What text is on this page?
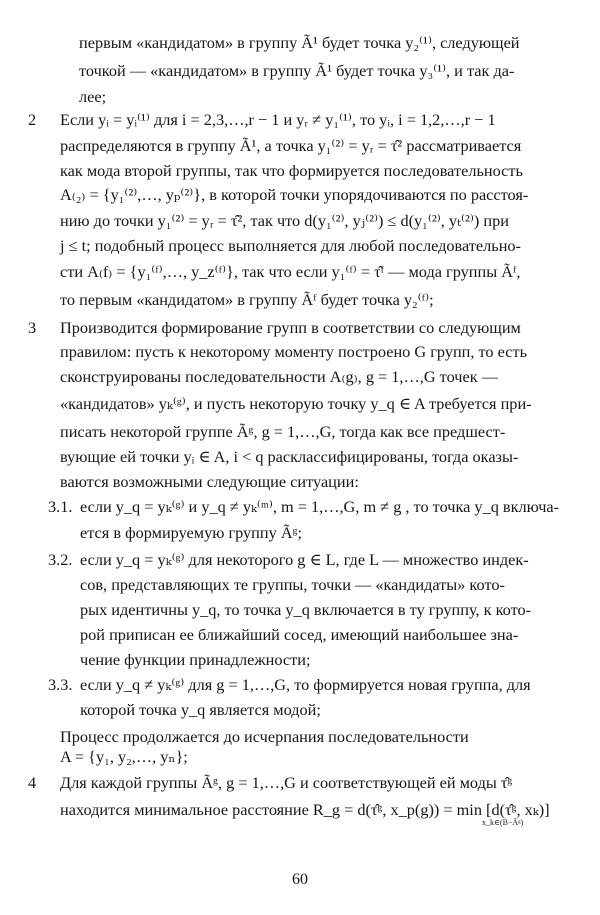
первым «кандидатом» в группу Ã¹ будет точка y₂⁽¹⁾, следующей
точкой — «кандидатом» в группу Ã¹ будет точка y₃⁽¹⁾, и так да-
лее;
2 Если yᵢ = yᵢ⁽¹⁾ для i = 2,3,…,r − 1 и yᵣ ≠ y₁⁽¹⁾, то yᵢ, i = 1,2,…,r − 1
распределяются в группу Ã¹, а точка y₁⁽²⁾ = yᵣ = τ̂² рассматривается
как мода второй группы, так что формируется последовательность
A₍₂₎ = {y₁⁽²⁾,…, yₚ⁽²⁾}, в которой точки упорядочиваются по расстоя-
нию до точки y₁⁽²⁾ = yᵣ = τ̂², так что d(y₁⁽²⁾, yⱼ⁽²⁾) ≤ d(y₁⁽²⁾, yₜ⁽²⁾) при
j ≤ t; подобный процесс выполняется для любой последовательно-
сти A₍f₎ = {y₁⁽ᶠ⁾,…, y_z⁽ᶠ⁾}, так что если y₁⁽ᶠ⁾ = τ̂ᶠ — мода группы Ãᶠ,
то первым «кандидатом» в группу Ãᶠ будет точка y₂⁽ᶠ⁾;
3 Производится формирование групп в соответствии со следующим
правилом: пусть к некоторому моменту построено G групп, то есть
сконструированы последовательности A₍g₎, g = 1,…,G точек —
«кандидатов» yₖ⁽ᵍ⁾, и пусть некоторую точку y_q ∈ A требуется при-
писать некоторой группе Ãᵍ, g = 1,…,G, тогда как все предшест-
вующие ей точки yᵢ ∈ A, i < q расклассифицированы, тогда оказы-
ваются возможными следующие ситуации:
3.1. если y_q = yₖ⁽ᵍ⁾ и y_q ≠ yₖ⁽ᵐ⁾, m = 1,…,G, m ≠ g , то точка y_q включа-
ется в формируемую группу Ãᵍ;
3.2. если y_q = yₖ⁽ᵍ⁾ для некоторого g ∈ L, где L — множество индек-
сов, представляющих те группы, точки — «кандидаты» кото-
рых идентичны y_q, то точка y_q включается в ту группу, к кото-
рой приписан ее ближайший сосед, имеющий наибольшее зна-
чение функции принадлежности;
3.3. если y_q ≠ yₖ⁽ᵍ⁾ для g = 1,…,G, то формируется новая группа, для
которой точка y_q является модой;
Процесс продолжается до исчерпания последовательности
A = {y₁, y₂,…, yₙ};
4 Для каждой группы Ãᵍ, g = 1,…,G и соответствующей ей моды τ̂ᵍ
находится минимальное расстояние R_g = d(τ̂ᵍ, x_p(g)) = min [d(τ̂ᵍ, xₖ)]
x_k∈(B−Ãᵍ)
60
